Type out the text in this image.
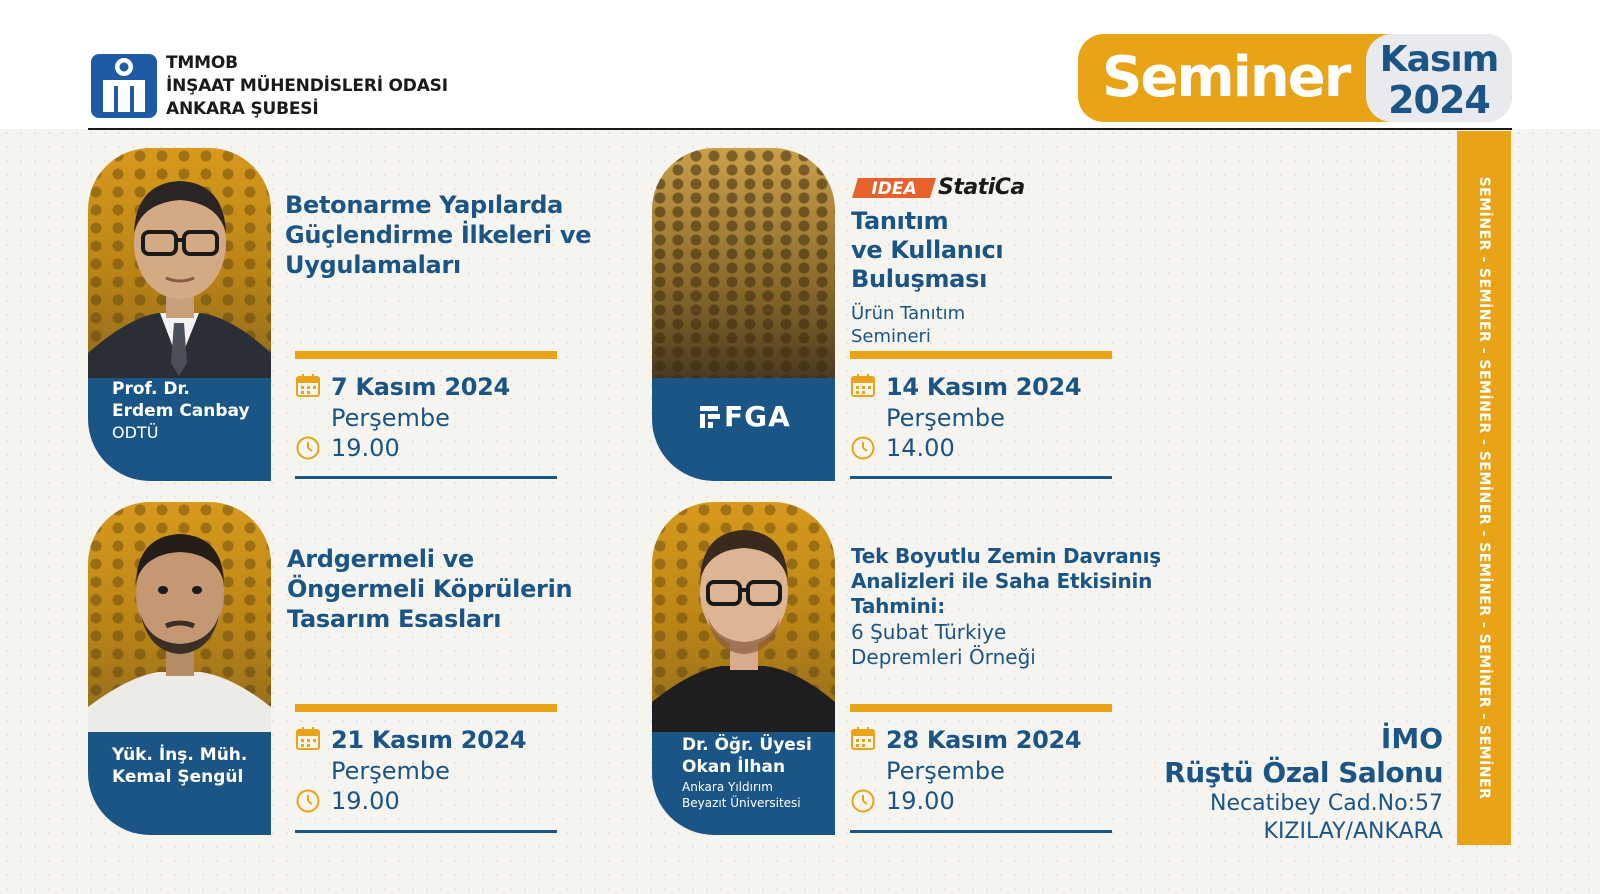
TMMOB
İNŞAAT MÜHENDİSLERİ ODASI
ANKARA ŞUBESİ	Seminer Kasım
2024
SEMİNER - SEMİNER - SEMİNER - SEMİNER - SEMİNER - SEMİNER - SEMİNER
Prof. Dr.
Erdem Canbay
ODTÜ
Betonarme Yapılarda
Güçlendirme İlkeleri ve
Uygulamaları
7 Kasım 2024
Perşembe
19.00
FGA
IDEA StatiCa
Tanıtım
ve Kullanıcı
Buluşması
Ürün Tanıtım
Semineri
14 Kasım 2024
Perşembe
14.00
Yük. İnş. Müh.
Kemal Şengül
Ardgermeli ve
Öngermeli Köprülerin
Tasarım Esasları
21 Kasım 2024
Perşembe
19.00
Dr. Öğr. Üyesi
Okan İlhan
Ankara Yıldırım
Beyazıt Üniversitesi
Tek Boyutlu Zemin Davranış
Analizleri ile Saha Etkisinin
Tahmini:
6 Şubat Türkiye
Depremleri Örneği
28 Kasım 2024
Perşembe
19.00
İMO
Rüştü Özal Salonu
Necatibey Cad.No:57
KIZILAY/ANKARA
